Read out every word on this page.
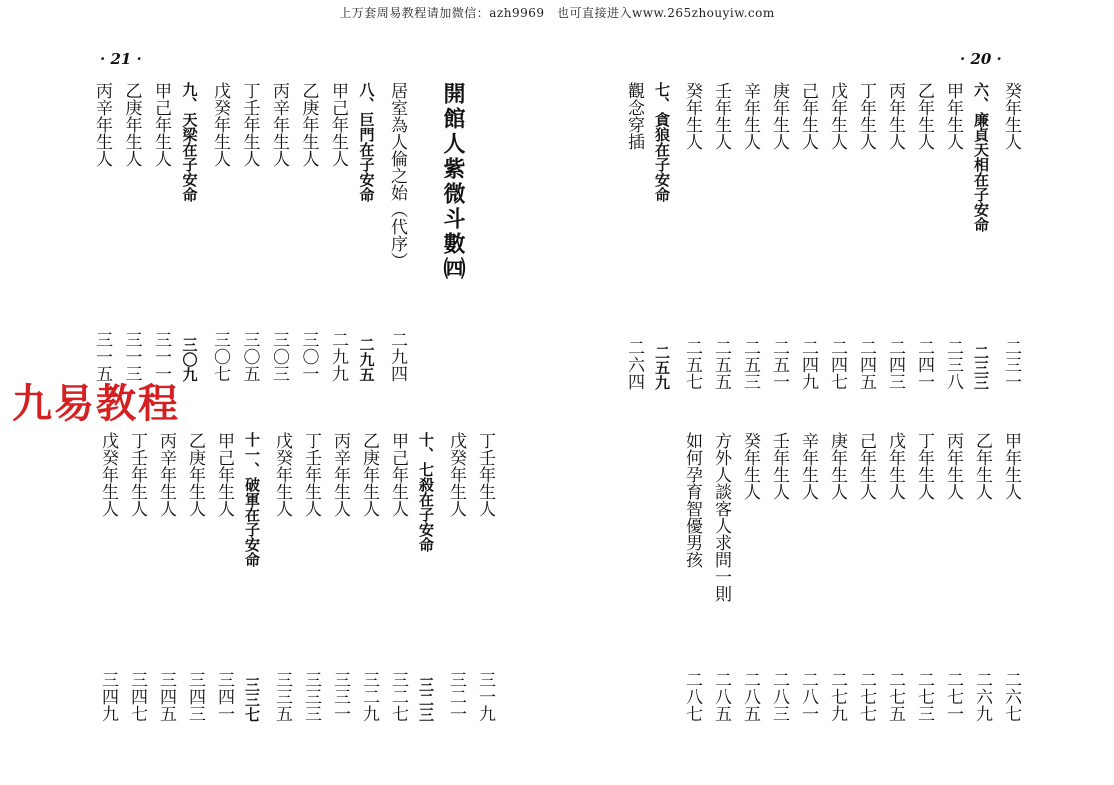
上万套周易教程请加微信：azh9969　也可直接进入www.265zhouyiw.com
· 21 ·	· 20 ·
開館人紫微斗數㈣
九易教程
居室為人倫之始（代序）
二九四
八、巨門在子安命
二九五
甲己年生人
二九九
乙庚年生人
三〇一
丙辛年生人
三〇三
丁壬年生人
三〇五
戊癸年生人
三〇七
九、天梁在子安命
三〇九
甲己年生人
三一一
乙庚年生人
三一三
丙辛年生人
三一五
丁壬年生人
三一九
戊癸年生人
三二一
十、七殺在子安命
三二三
甲己年生人
三二七
乙庚年生人
三二九
丙辛年生人
三三一
丁壬年生人
三三三
戊癸年生人
三三五
十一、破軍在子安命
三三七
甲己年生人
三四一
乙庚年生人
三四三
丙辛年生人
三四五
丁壬年生人
三四七
戊癸年生人
三四九
癸年生人
二三一
六、廉貞天相在子安命
二三三
甲年生人
二三八
乙年生人
二四一
丙年生人
二四三
丁年生人
二四五
戊年生人
二四七
己年生人
二四九
庚年生人
二五一
辛年生人
二五三
壬年生人
二五五
癸年生人
二五七
七、貪狼在子安命
二五九
觀念穿插
二六四
甲年生人
二六七
乙年生人
二六九
丙年生人
二七一
丁年生人
二七三
戊年生人
二七五
己年生人
二七七
庚年生人
二七九
辛年生人
二八一
壬年生人
二八三
癸年生人
二八五
方外人談客人求問一則
二八五
如何孕育智優男孩
二八七
